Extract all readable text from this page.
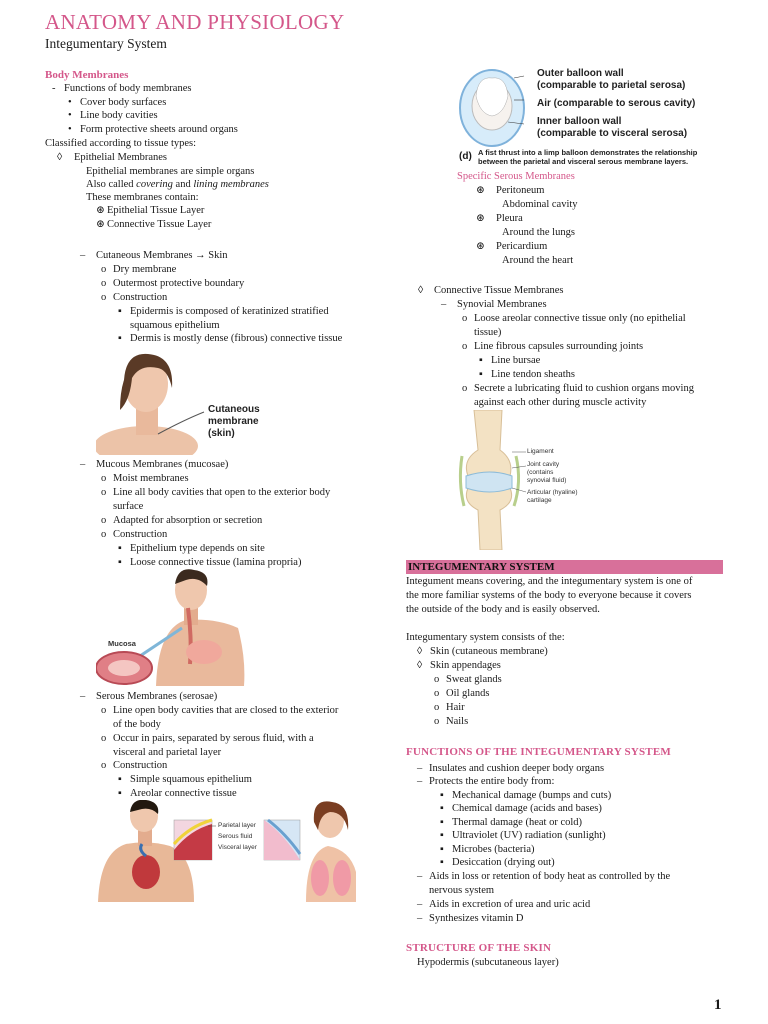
ANATOMY AND PHYSIOLOGY
Integumentary System
Body Membranes
- Functions of body membranes
• Cover body surfaces
• Line body cavities
• Form protective sheets around organs
Classified according to tissue types:
◊ Epithelial Membranes
Epithelial membranes are simple organs
Also called covering and lining membranes
These membranes contain:
⊛ Epithelial Tissue Layer
⊛ Connective Tissue Layer
– Cutaneous Membranes → Skin
o Dry membrane
o Outermost protective boundary
o Construction
▪ Epidermis is composed of keratinized stratified
squamous epithelium
▪ Dermis is mostly dense (fibrous) connective tissue
Cutaneous
membrane
(skin)
– Mucous Membranes (mucosae)
o Moist membranes
o Line all body cavities that open to the exterior body
surface
o Adapted for absorption or secretion
o Construction
▪ Epithelium type depends on site
▪ Loose connective tissue (lamina propria)
Mucosa
– Serous Membranes (serosae)
o Line open body cavities that are closed to the exterior
of the body
o Occur in pairs, separated by serous fluid, with a
visceral and parietal layer
o Construction
▪ Simple squamous epithelium
▪ Areolar connective tissue
Parietal layer
Serous fluid
Visceral layer
Outer balloon wall
(comparable to parietal serosa)
Air (comparable to serous cavity)
Inner balloon wall
(comparable to visceral serosa)
(d) A fist thrust into a limp balloon demonstrates the relationship
between the parietal and visceral serous membrane layers.
Specific Serous Membranes
⊛ Peritoneum
Abdominal cavity
⊛ Pleura
Around the lungs
⊛ Pericardium
Around the heart
◊ Connective Tissue Membranes
– Synovial Membranes
o Loose areolar connective tissue only (no epithelial
tissue)
o Line fibrous capsules surrounding joints
▪ Line bursae
▪ Line tendon sheaths
o Secrete a lubricating fluid to cushion organs moving
against each other during muscle activity
Ligament
Joint cavity
(contains
synovial fluid)
Articular (hyaline)
cartilage
INTEGUMENTARY SYSTEM
Integument means covering, and the integumentary system is one of
the more familiar systems of the body to everyone because it covers
the outside of the body and is easily observed.
Integumentary system consists of the:
◊ Skin (cutaneous membrane)
◊ Skin appendages
o Sweat glands
o Oil glands
o Hair
o Nails
FUNCTIONS OF THE INTEGUMENTARY SYSTEM
– Insulates and cushion deeper body organs
– Protects the entire body from:
▪ Mechanical damage (bumps and cuts)
▪ Chemical damage (acids and bases)
▪ Thermal damage (heat or cold)
▪ Ultraviolet (UV) radiation (sunlight)
▪ Microbes (bacteria)
▪ Desiccation (drying out)
– Aids in loss or retention of body heat as controlled by the
nervous system
– Aids in excretion of urea and uric acid
– Synthesizes vitamin D
STRUCTURE OF THE SKIN
Hypodermis (subcutaneous layer)
1
